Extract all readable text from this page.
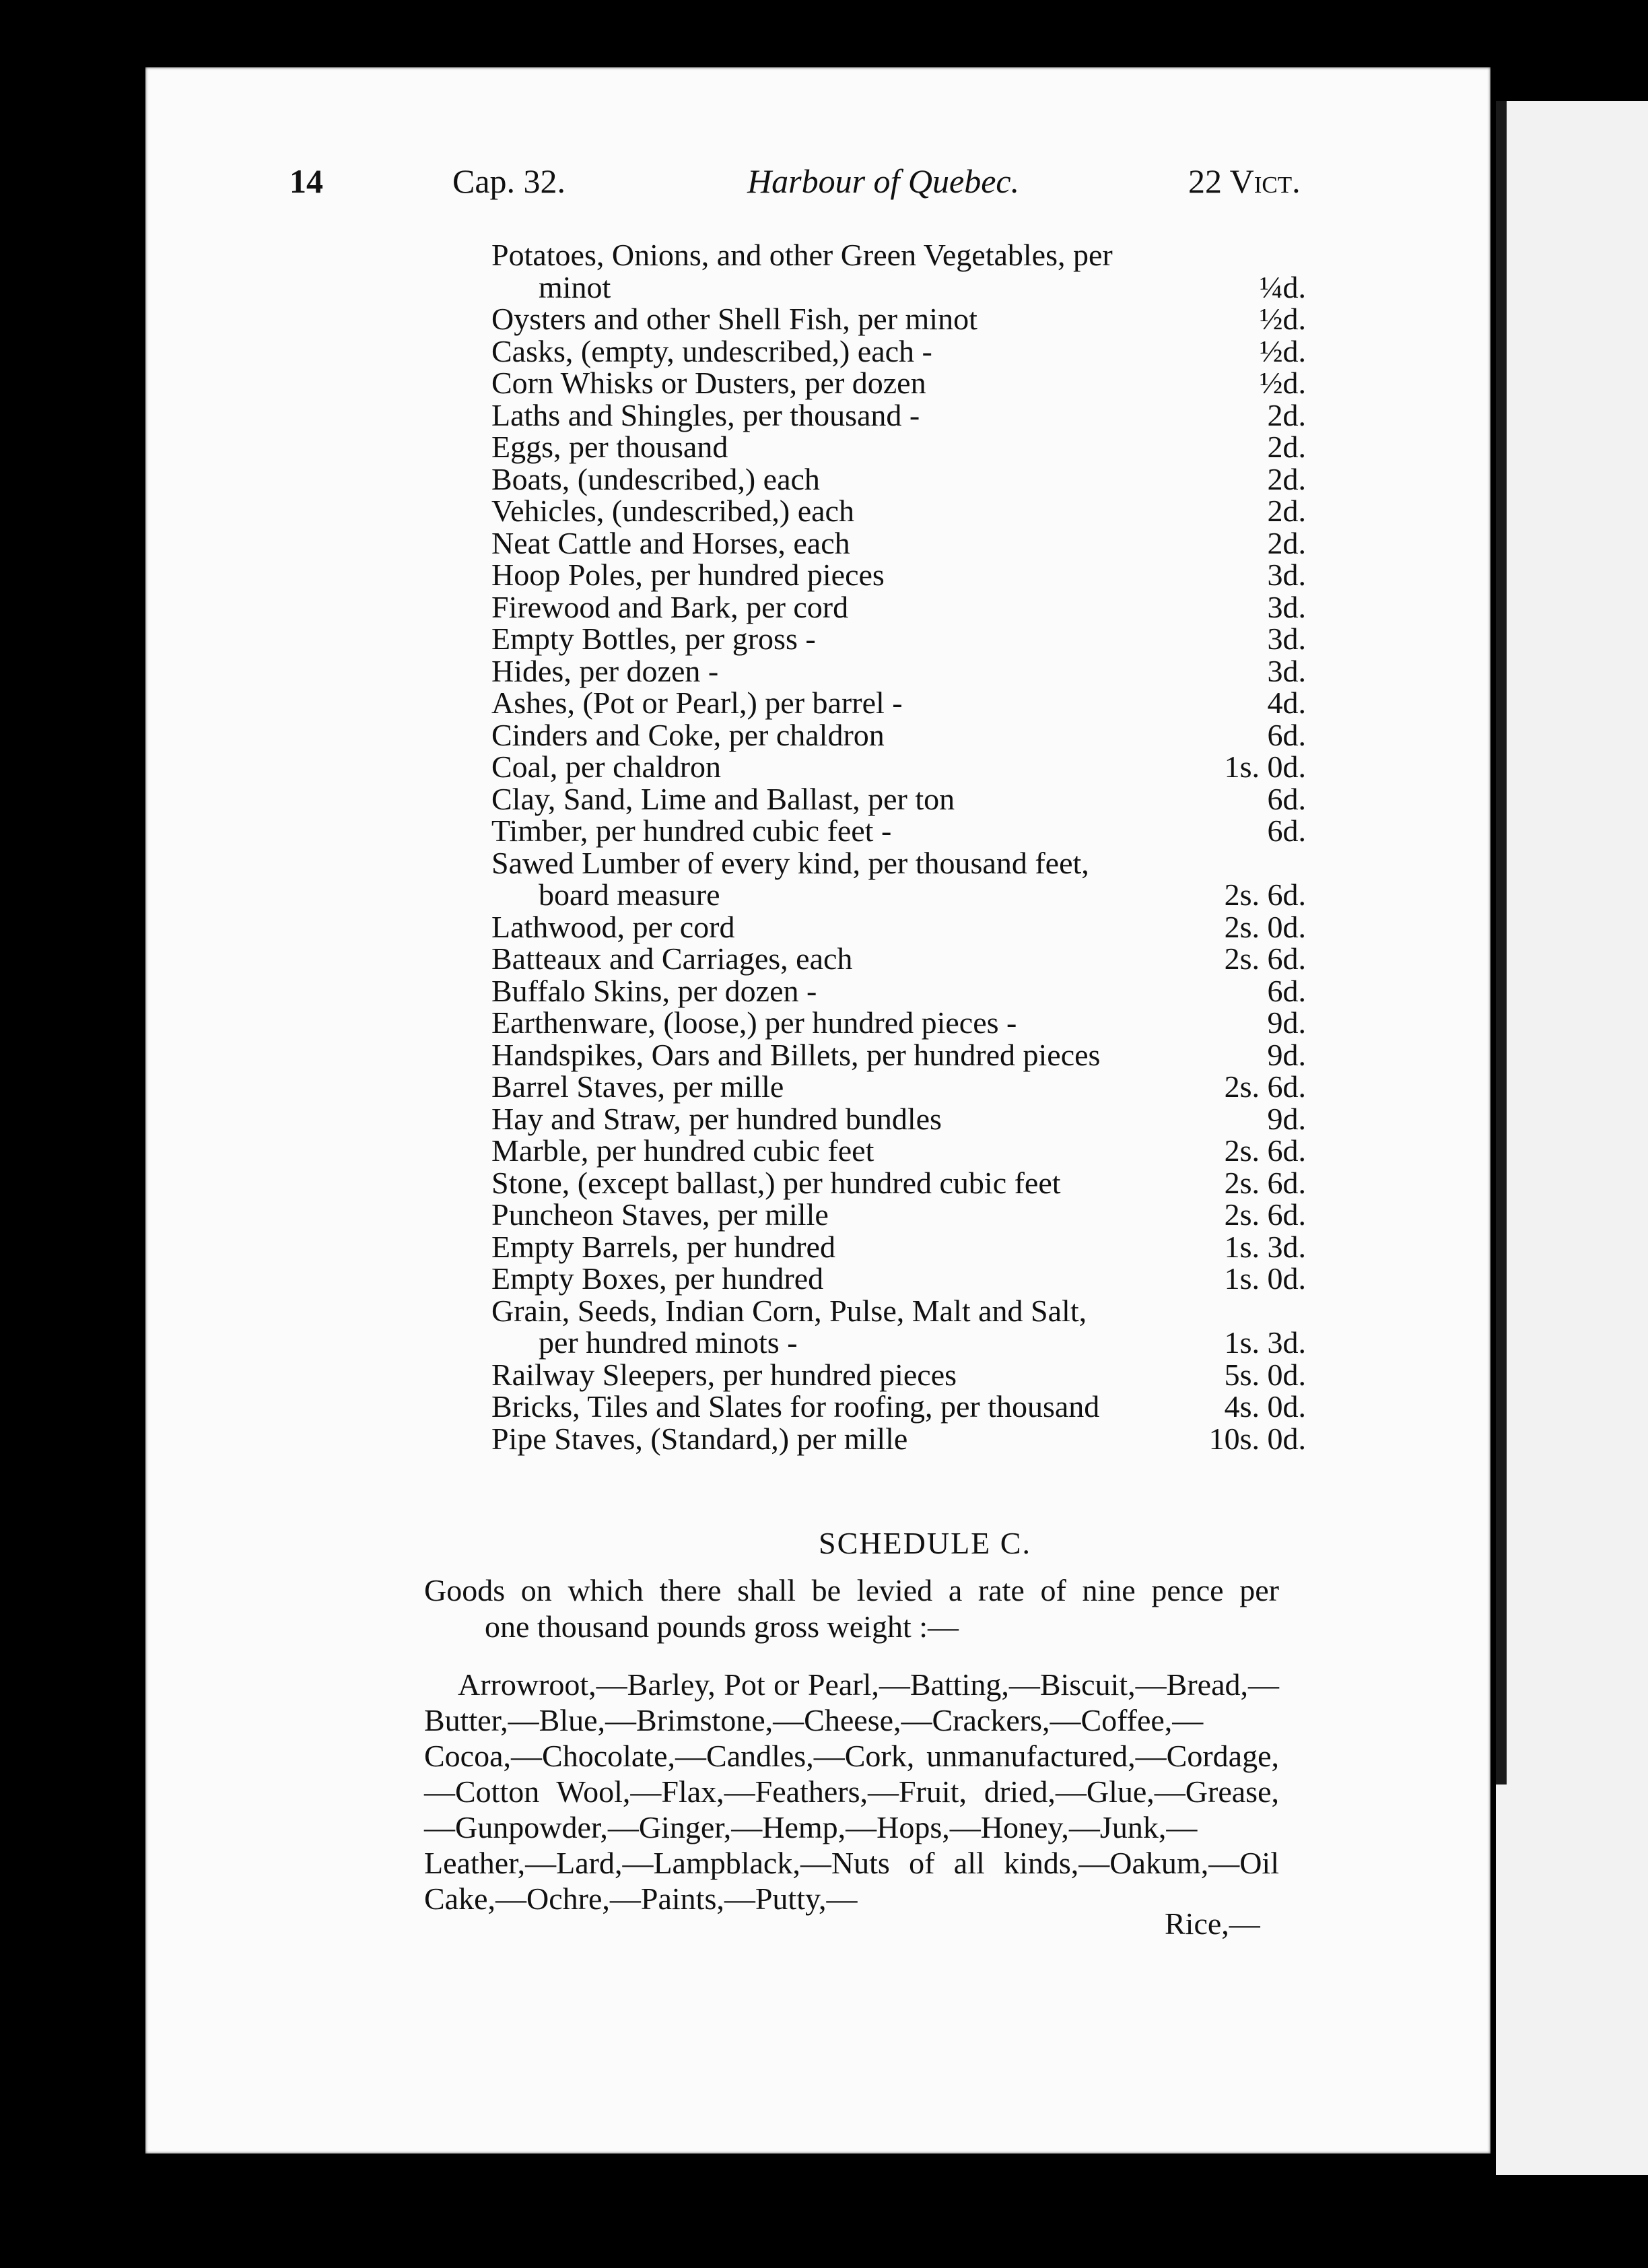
14	Cap. 32.	Harbour of Quebec.	22 Vict.
Potatoes, Onions, and other Green Vegetables, per
minot	¼d.
Oysters and other Shell Fish, per minot	½d.
Casks, (empty, undescribed,) each -	½d.
Corn Whisks or Dusters, per dozen	½d.
Laths and Shingles, per thousand -	2d.
Eggs, per thousand	2d.
Boats, (undescribed,) each	2d.
Vehicles, (undescribed,) each	2d.
Neat Cattle and Horses, each	2d.
Hoop Poles, per hundred pieces	3d.
Firewood and Bark, per cord	3d.
Empty Bottles, per gross -	3d.
Hides, per dozen -	3d.
Ashes, (Pot or Pearl,) per barrel -	4d.
Cinders and Coke, per chaldron	6d.
Coal, per chaldron	1s. 0d.
Clay, Sand, Lime and Ballast, per ton	6d.
Timber, per hundred cubic feet -	6d.
Sawed Lumber of every kind, per thousand feet,
board measure	2s. 6d.
Lathwood, per cord	2s. 0d.
Batteaux and Carriages, each	2s. 6d.
Buffalo Skins, per dozen -	6d.
Earthenware, (loose,) per hundred pieces -	9d.
Handspikes, Oars and Billets, per hundred pieces	9d.
Barrel Staves, per mille	2s. 6d.
Hay and Straw, per hundred bundles	9d.
Marble, per hundred cubic feet	2s. 6d.
Stone, (except ballast,) per hundred cubic feet	2s. 6d.
Puncheon Staves, per mille	2s. 6d.
Empty Barrels, per hundred	1s. 3d.
Empty Boxes, per hundred	1s. 0d.
Grain, Seeds, Indian Corn, Pulse, Malt and Salt,
per hundred minots -	1s. 3d.
Railway Sleepers, per hundred pieces	5s. 0d.
Bricks, Tiles and Slates for roofing, per thousand	4s. 0d.
Pipe Staves, (Standard,) per mille	10s. 0d.
SCHEDULE C.
Goods on which there shall be levied a rate of nine pence per
one thousand pounds gross weight :—
Arrowroot,—Barley, Pot or Pearl,—Batting,—Biscuit,—Bread,—Butter,—Blue,—Brimstone,—Cheese,—Crackers,—Coffee,—Cocoa,—Chocolate,—Candles,—Cork, unmanufactured,—Cordage,—Cotton Wool,—Flax,—Feathers,—Fruit, dried,—Glue,—Grease,—Gunpowder,—Ginger,—Hemp,—Hops,—Honey,—Junk,—Leather,—Lard,—Lampblack,—Nuts of all kinds,—Oakum,—Oil Cake,—Ochre,—Paints,—Putty,—
Rice,—
